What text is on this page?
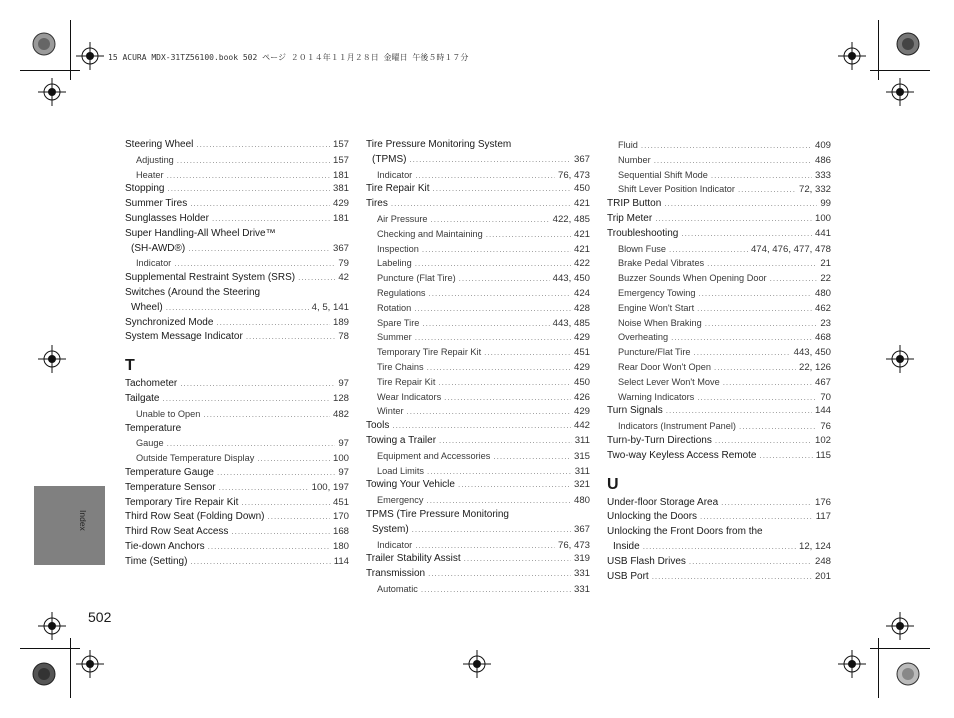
15 ACURA MDX-31TZ56100.book 502 ページ ２０１４年１１月２８日 金曜日 午後５時１７分
Index
502
Steering Wheel .....	157
Adjusting .....	157
Heater .....	181
Stopping .....	381
Summer Tires .....	429
Sunglasses Holder .....	181
Super Handling-All Wheel Drive™
(SH-AWD®) .....	367
Indicator .....	79
Supplemental Restraint System (SRS) .....	42
Switches (Around the Steering
Wheel) .....	4, 5, 141
Synchronized Mode .....	189
System Message Indicator .....	78
T
Tachometer .....	97
Tailgate .....	128
Unable to Open .....	482
Temperature
Gauge .....	97
Outside Temperature Display .....	100
Temperature Gauge .....	97
Temperature Sensor .....	100, 197
Temporary Tire Repair Kit .....	451
Third Row Seat (Folding Down) .....	170
Third Row Seat Access .....	168
Tie-down Anchors .....	180
Time (Setting) .....	114
Tire Pressure Monitoring System
(TPMS) .....	367
Indicator .....	76, 473
Tire Repair Kit .....	450
Tires .....	421
Air Pressure .....	422, 485
Checking and Maintaining .....	421
Inspection .....	421
Labeling .....	422
Puncture (Flat Tire) .....	443, 450
Regulations .....	424
Rotation .....	428
Spare Tire .....	443, 485
Summer .....	429
Temporary Tire Repair Kit .....	451
Tire Chains .....	429
Tire Repair Kit .....	450
Wear Indicators .....	426
Winter .....	429
Tools .....	442
Towing a Trailer .....	311
Equipment and Accessories .....	315
Load Limits .....	311
Towing Your Vehicle .....	321
Emergency .....	480
TPMS (Tire Pressure Monitoring
System) .....	367
Indicator .....	76, 473
Trailer Stability Assist .....	319
Transmission .....	331
Automatic .....	331
Fluid .....	409
Number .....	486
Sequential Shift Mode .....	333
Shift Lever Position Indicator .....	72, 332
TRIP Button .....	99
Trip Meter .....	100
Troubleshooting .....	441
Blown Fuse .....	474, 476, 477, 478
Brake Pedal Vibrates .....	21
Buzzer Sounds When Opening Door .....	22
Emergency Towing .....	480
Engine Won't Start .....	462
Noise When Braking .....	23
Overheating .....	468
Puncture/Flat Tire .....	443, 450
Rear Door Won't Open .....	22, 126
Select Lever Won't Move .....	467
Warning Indicators .....	70
Turn Signals .....	144
Indicators (Instrument Panel) .....	76
Turn-by-Turn Directions .....	102
Two-way Keyless Access Remote .....	115
U
Under-floor Storage Area .....	176
Unlocking the Doors .....	117
Unlocking the Front Doors from the
Inside .....	12, 124
USB Flash Drives .....	248
USB Port .....	201
